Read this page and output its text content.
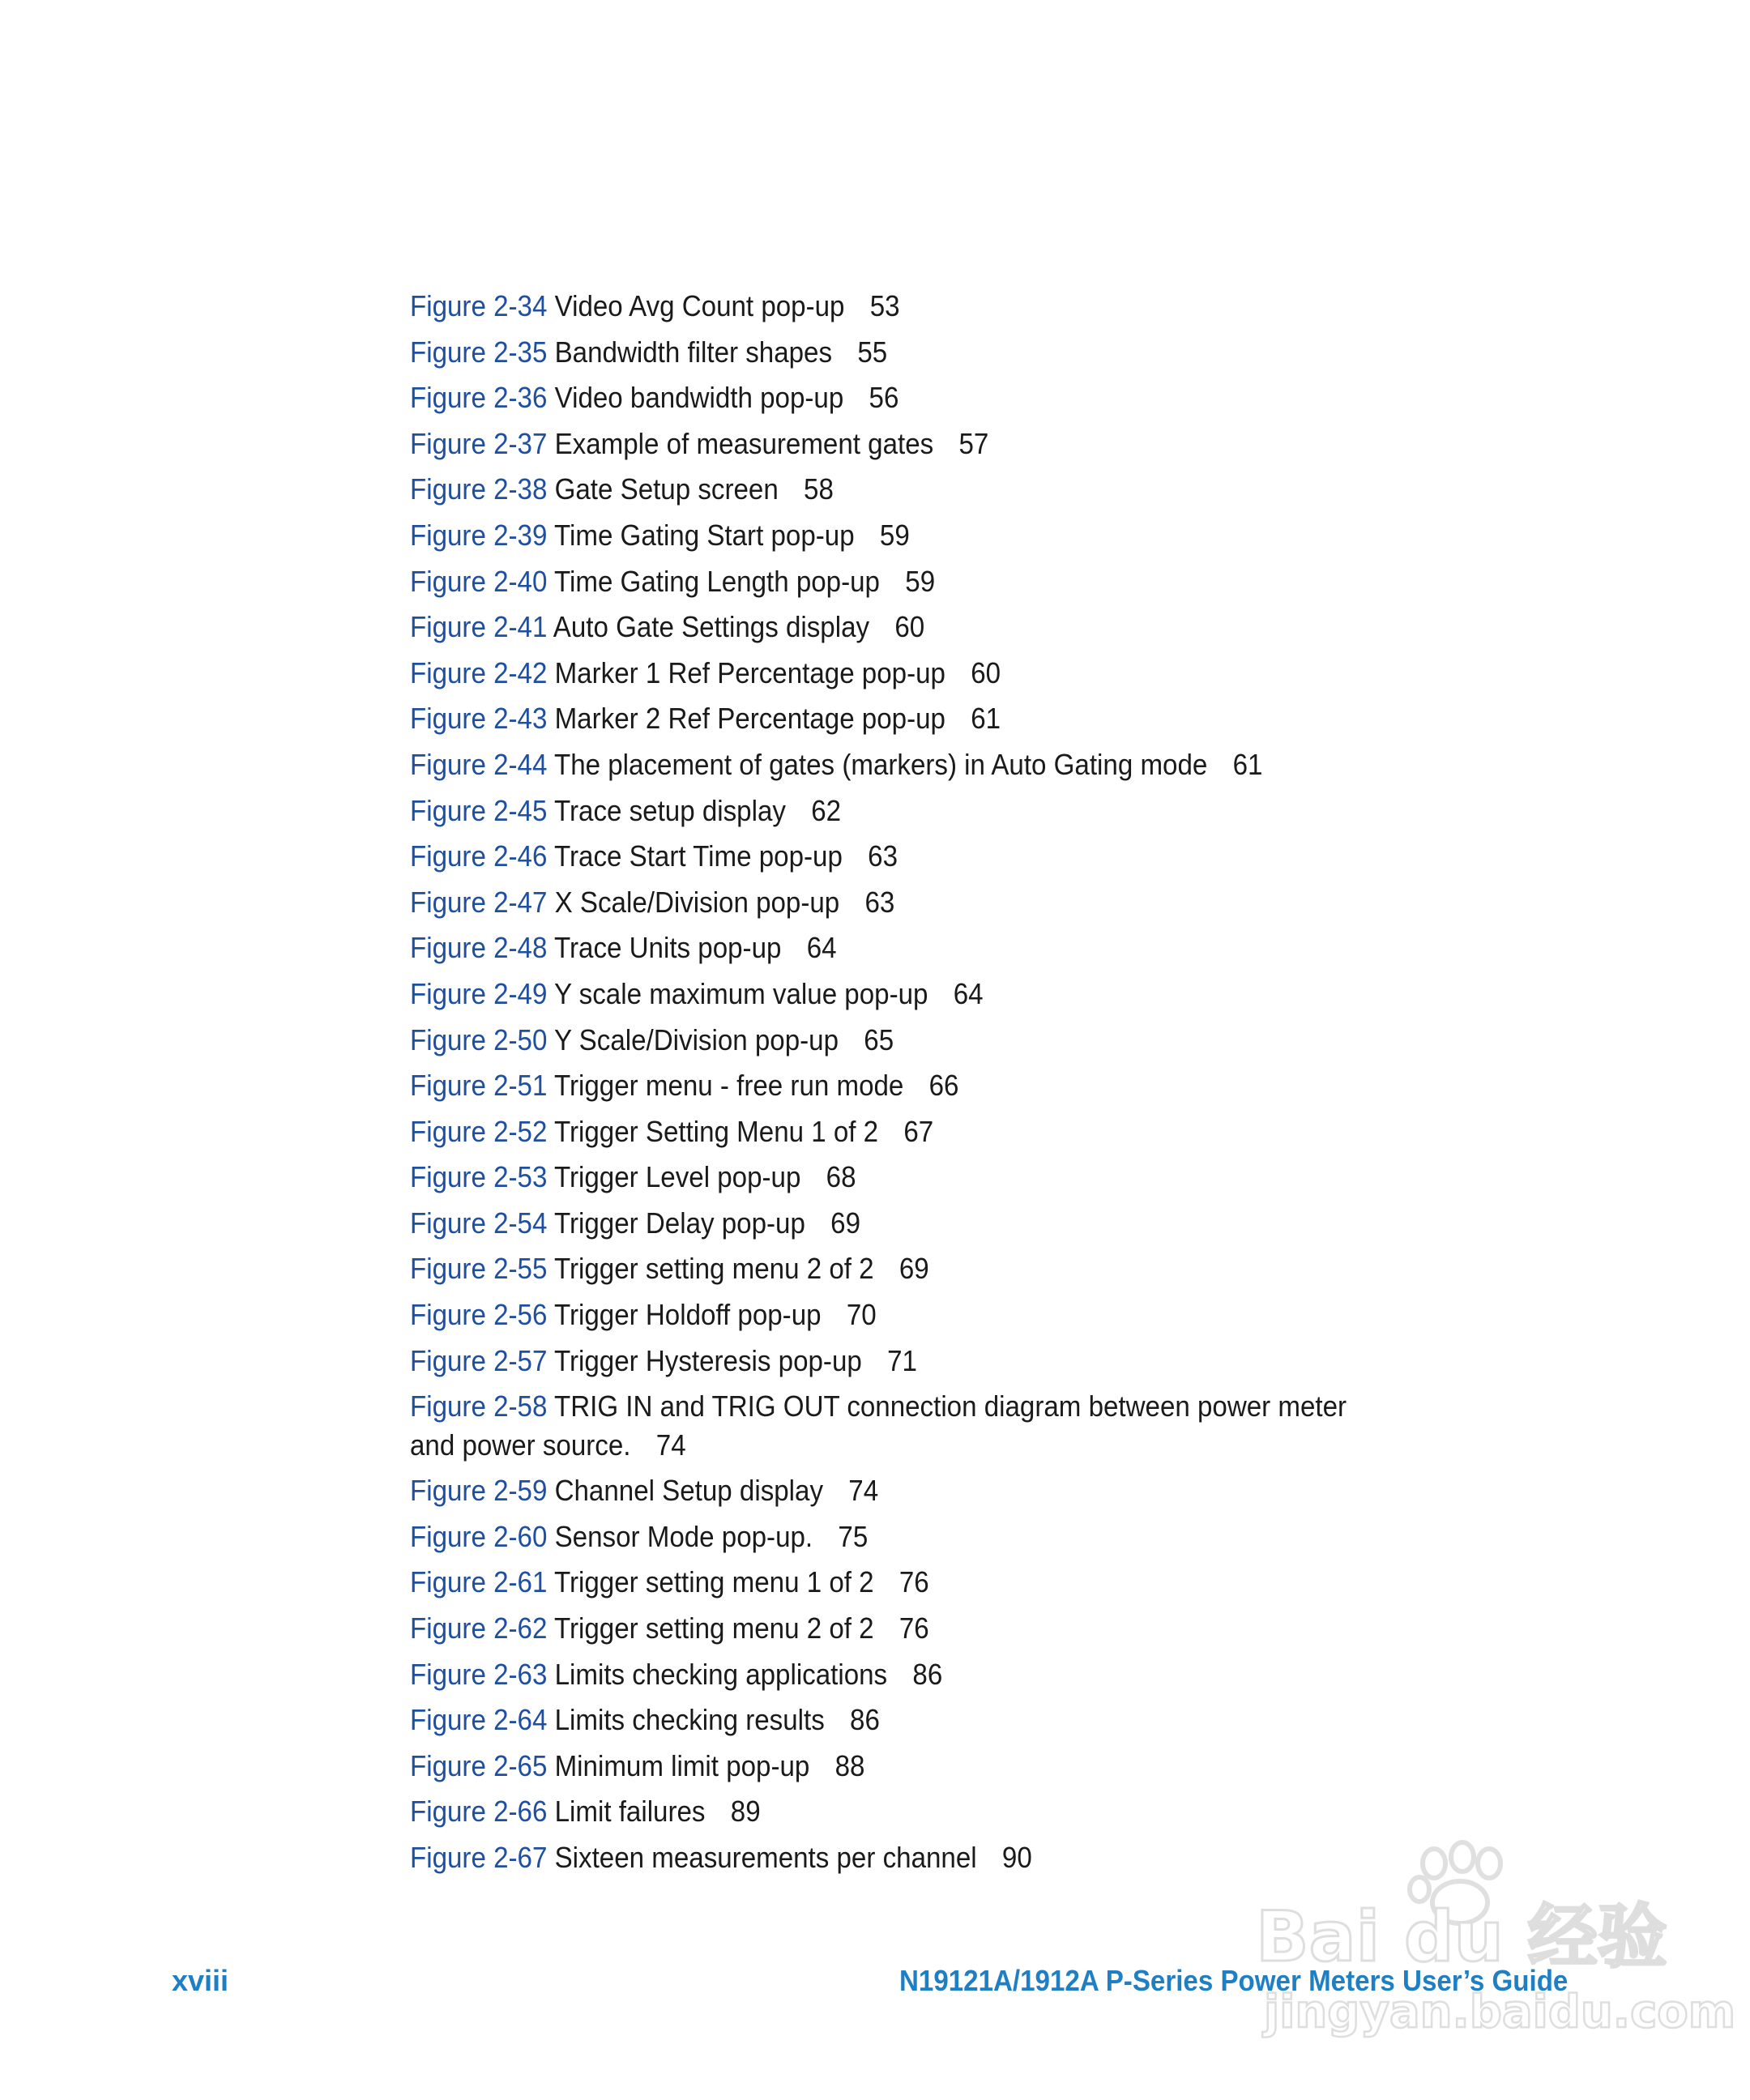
Figure 2-34 Video Avg Count pop-up 53
Figure 2-35 Bandwidth filter shapes 55
Figure 2-36 Video bandwidth pop-up 56
Figure 2-37 Example of measurement gates 57
Figure 2-38 Gate Setup screen 58
Figure 2-39 Time Gating Start pop-up 59
Figure 2-40 Time Gating Length pop-up 59
Figure 2-41 Auto Gate Settings display 60
Figure 2-42 Marker 1 Ref Percentage pop-up 60
Figure 2-43 Marker 2 Ref Percentage pop-up 61
Figure 2-44 The placement of gates (markers) in Auto Gating mode 61
Figure 2-45 Trace setup display 62
Figure 2-46 Trace Start Time pop-up 63
Figure 2-47 X Scale/Division pop-up 63
Figure 2-48 Trace Units pop-up 64
Figure 2-49 Y scale maximum value pop-up 64
Figure 2-50 Y Scale/Division pop-up 65
Figure 2-51 Trigger menu - free run mode 66
Figure 2-52 Trigger Setting Menu 1 of 2 67
Figure 2-53 Trigger Level pop-up 68
Figure 2-54 Trigger Delay pop-up 69
Figure 2-55 Trigger setting menu 2 of 2 69
Figure 2-56 Trigger Holdoff pop-up 70
Figure 2-57 Trigger Hysteresis pop-up 71
Figure 2-58 TRIG IN and TRIG OUT connection diagram between power meter and power source. 74
Figure 2-59 Channel Setup display 74
Figure 2-60 Sensor Mode pop-up. 75
Figure 2-61 Trigger setting menu 1 of 2 76
Figure 2-62 Trigger setting menu 2 of 2 76
Figure 2-63 Limits checking applications 86
Figure 2-64 Limits checking results 86
Figure 2-65 Minimum limit pop-up 88
Figure 2-66 Limit failures 89
Figure 2-67 Sixteen measurements per channel 90
xviii	N19121A/1912A P-Series Power Meters User’s Guide
Bai du 经验
jingyan.baidu.com
